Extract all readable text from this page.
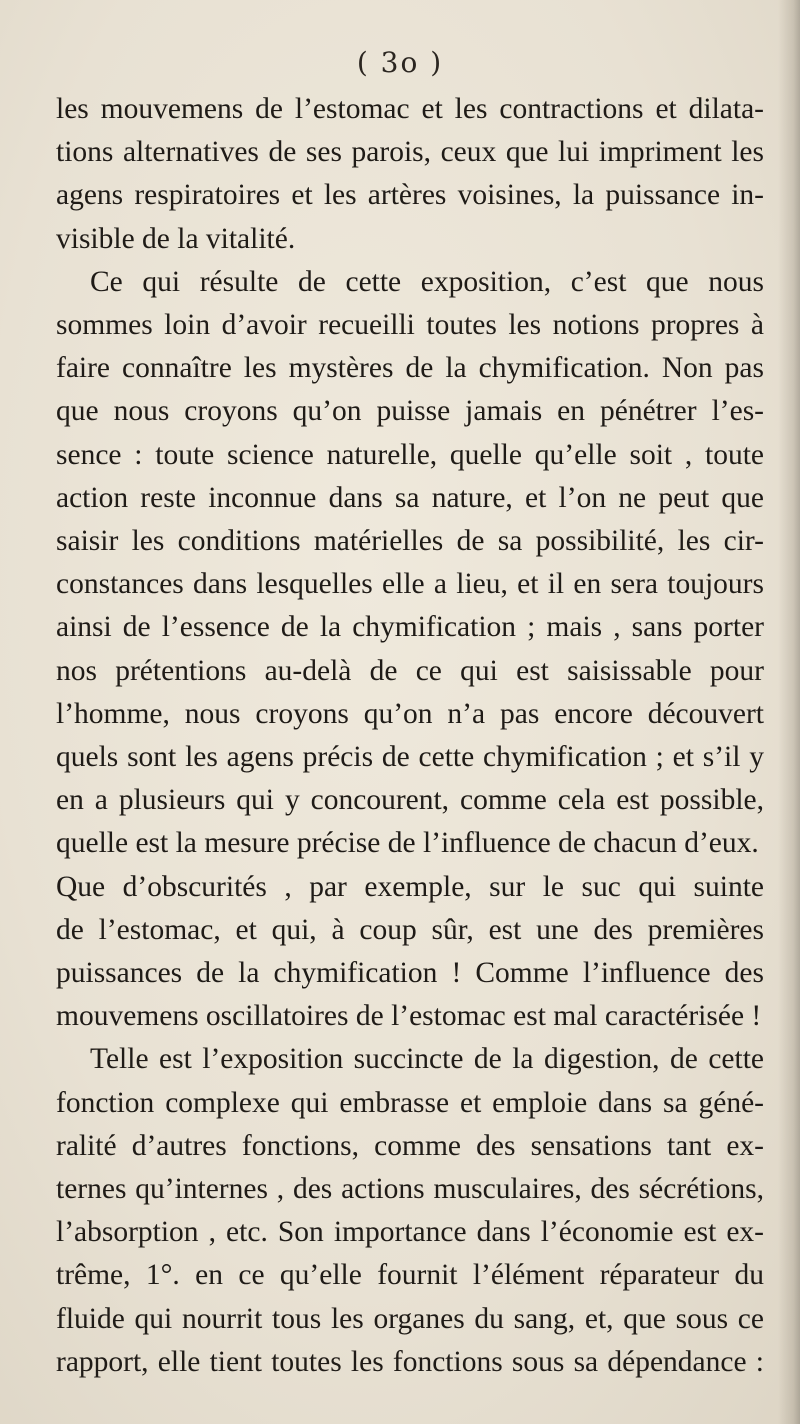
( 3o )
les mouvemens de l’estomac et les contractions et dilata-
tions alternatives de ses parois, ceux que lui impriment les
agens respiratoires et les artères voisines, la puissance in-
visible de la vitalité.
Ce qui résulte de cette exposition, c’est que nous
sommes loin d’avoir recueilli toutes les notions propres à
faire connaître les mystères de la chymification. Non pas
que nous croyons qu’on puisse jamais en pénétrer l’es-
sence : toute science naturelle, quelle qu’elle soit , toute
action reste inconnue dans sa nature, et l’on ne peut que
saisir les conditions matérielles de sa possibilité, les cir-
constances dans lesquelles elle a lieu, et il en sera toujours
ainsi de l’essence de la chymification ; mais , sans porter
nos prétentions au-delà de ce qui est saisissable pour
l’homme, nous croyons qu’on n’a pas encore découvert
quels sont les agens précis de cette chymification ; et s’il y
en a plusieurs qui y concourent, comme cela est possible,
quelle est la mesure précise de l’influence de chacun d’eux.
Que d’obscurités , par exemple, sur le suc qui suinte
de l’estomac, et qui, à coup sûr, est une des premières
puissances de la chymification ! Comme l’influence des
mouvemens oscillatoires de l’estomac est mal caractérisée !
Telle est l’exposition succincte de la digestion, de cette
fonction complexe qui embrasse et emploie dans sa géné-
ralité d’autres fonctions, comme des sensations tant ex-
ternes qu’internes , des actions musculaires, des sécrétions,
l’absorption , etc. Son importance dans l’économie est ex-
trême, 1°. en ce qu’elle fournit l’élément réparateur du
fluide qui nourrit tous les organes du sang, et, que sous ce
rapport, elle tient toutes les fonctions sous sa dépendance :
